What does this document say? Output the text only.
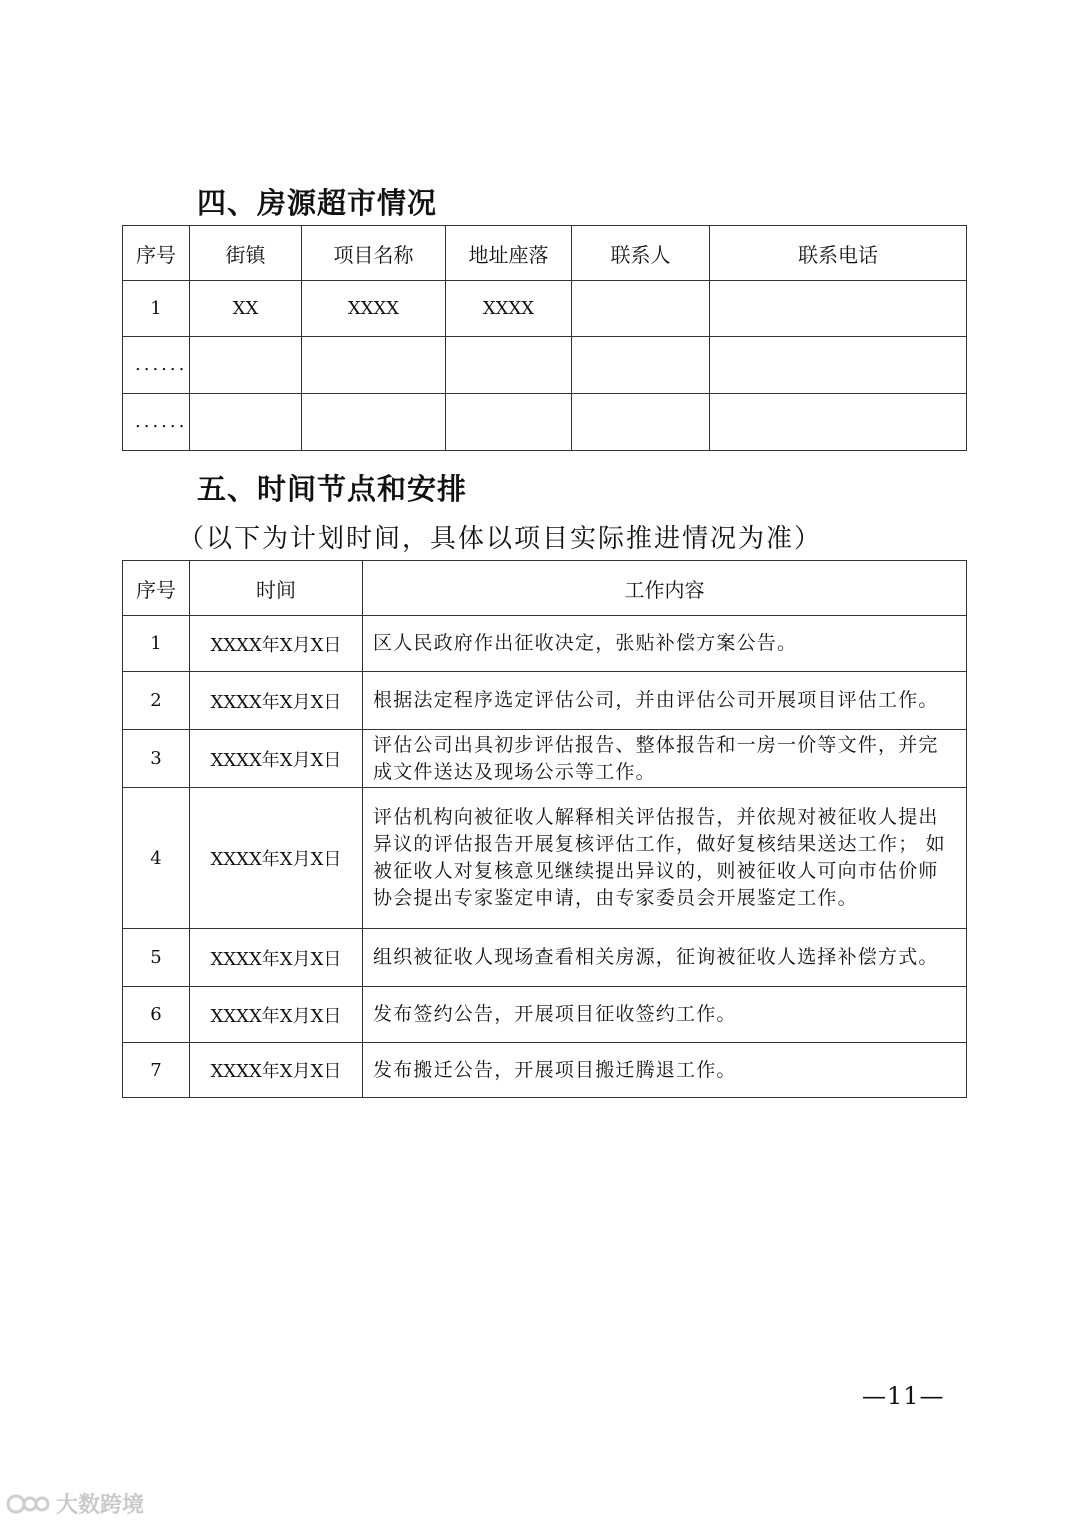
四、房源超市情况
序号	街镇	项目名称	地址座落	联系人	联系电话
1	XX	XXXX	XXXX		
......					
......					
五、时间节点和安排
（以下为计划时间，具体以项目实际推进情况为准）
序号	时间	工作内容
1	XXXX年X月X日	区人民政府作出征收决定，张贴补偿方案公告。
2	XXXX年X月X日	根据法定程序选定评估公司，并由评估公司开展项目评估工作。
3	XXXX年X月X日	评估公司出具初步评估报告、整体报告和一房一价等文件，并完成文件送达及现场公示等工作。
4	XXXX年X月X日	评估机构向被征收人解释相关评估报告，并依规对被征收人提出异议的评估报告开展复核评估工作，做好复核结果送达工作； 如被征收人对复核意见继续提出异议的，则被征收人可向市估价师协会提出专家鉴定申请，由专家委员会开展鉴定工作。
5	XXXX年X月X日	组织被征收人现场查看相关房源，征询被征收人选择补偿方式。
6	XXXX年X月X日	发布签约公告，开展项目征收签约工作。
7	XXXX年X月X日	发布搬迁公告，开展项目搬迁腾退工作。
—11—
大数跨境
